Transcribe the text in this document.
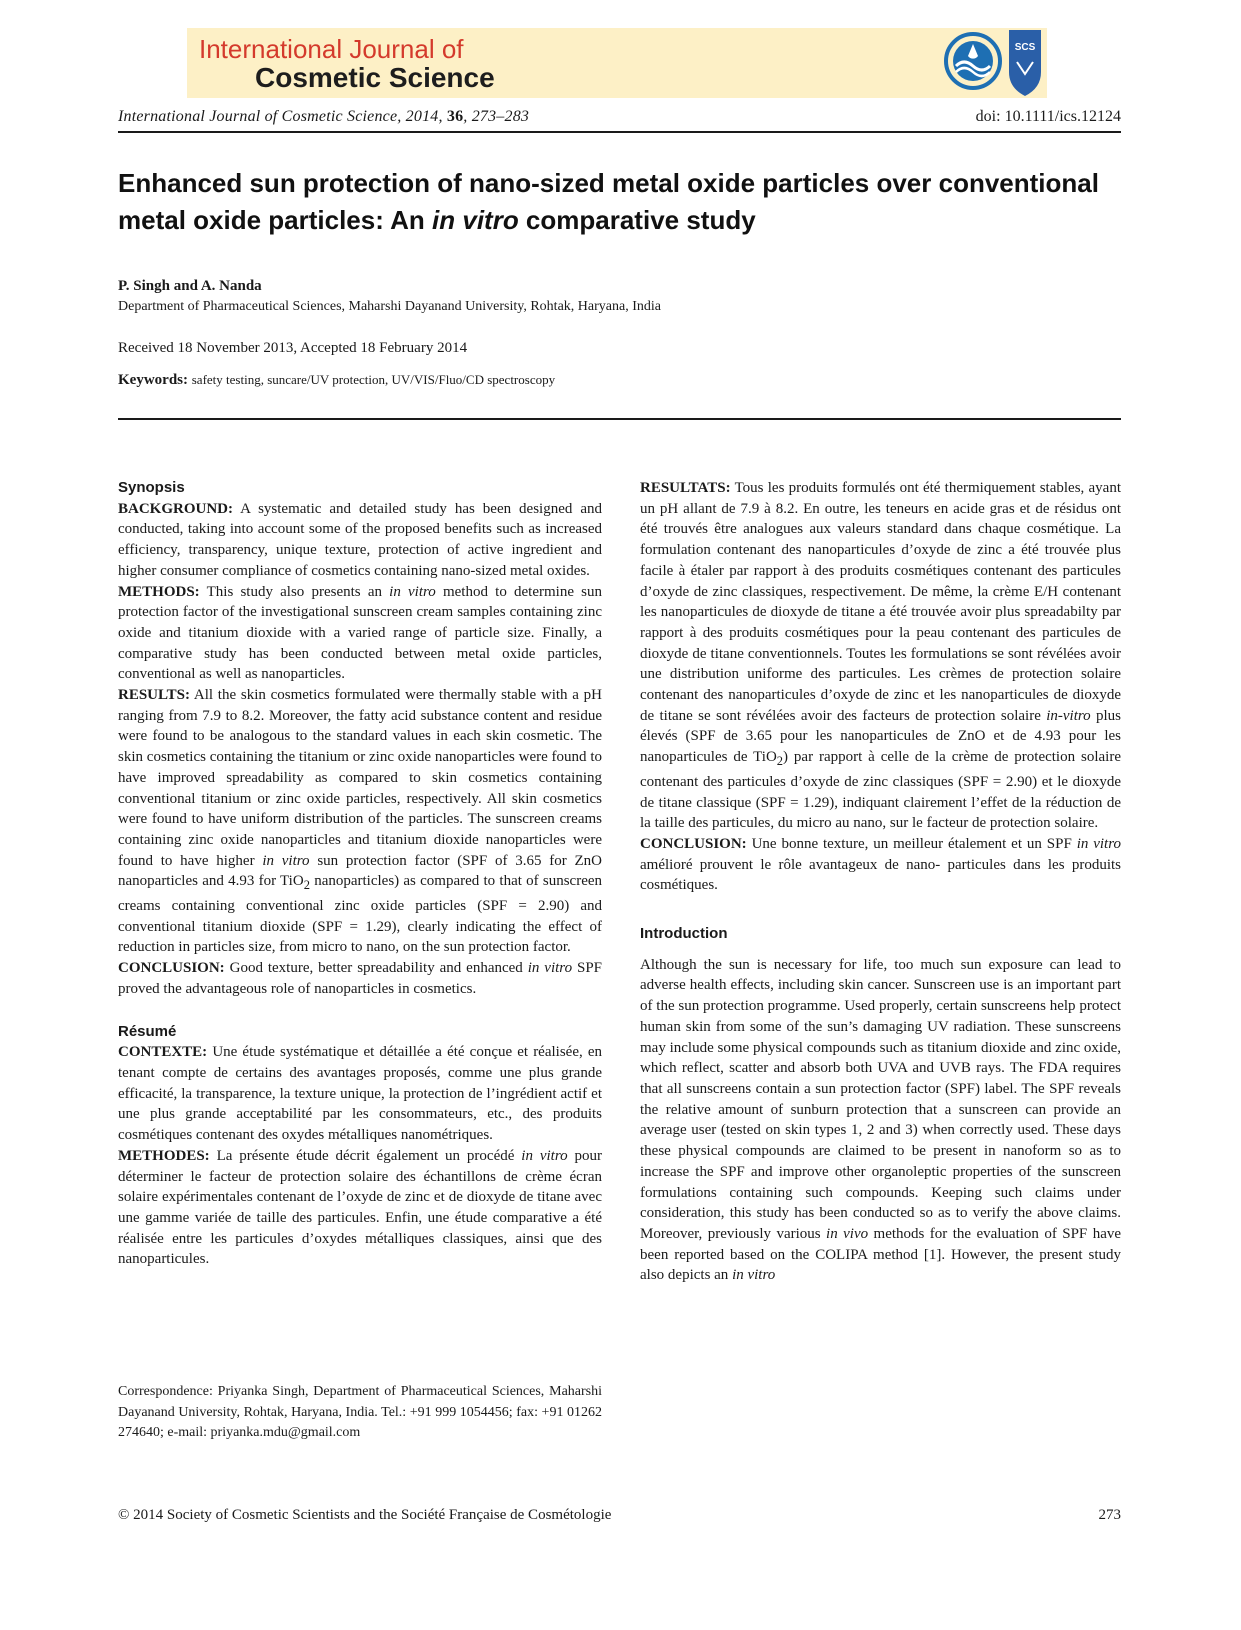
International Journal of
Cosmetic Science
SCS
International Journal of Cosmetic Science, 2014, 36, 273–283	doi: 10.1111/ics.12124
Enhanced sun protection of nano-sized metal oxide particles over conventional metal oxide particles: An in vitro comparative study
P. Singh and A. Nanda
Department of Pharmaceutical Sciences, Maharshi Dayanand University, Rohtak, Haryana, India
Received 18 November 2013, Accepted 18 February 2014
Keywords: safety testing, suncare/UV protection, UV/VIS/Fluo/CD spectroscopy

Synopsis

BACKGROUND: A systematic and detailed study has been designed and conducted, taking into account some of the proposed benefits such as increased efficiency, transparency, unique texture, protection of active ingredient and higher consumer compliance of cosmetics containing nano-sized metal oxides.

METHODS: This study also presents an in vitro method to determine sun protection factor of the investigational sunscreen cream samples containing zinc oxide and titanium dioxide with a varied range of particle size. Finally, a comparative study has been conducted between metal oxide particles, conventional as well as nanoparticles.

RESULTS: All the skin cosmetics formulated were thermally stable with a pH ranging from 7.9 to 8.2. Moreover, the fatty acid substance content and residue were found to be analogous to the standard values in each skin cosmetic. The skin cosmetics containing the titanium or zinc oxide nanoparticles were found to have improved spreadability as compared to skin cosmetics containing conventional titanium or zinc oxide particles, respectively. All skin cosmetics were found to have uniform distribution of the particles. The sunscreen creams containing zinc oxide nanoparticles and titanium dioxide nanoparticles were found to have higher in vitro sun protection factor (SPF of 3.65 for ZnO nanoparticles and 4.93 for TiO$_2$ nanoparticles) as compared to that of sunscreen creams containing conventional zinc oxide particles (SPF = 2.90) and conventional titanium dioxide (SPF = 1.29), clearly indicating the effect of reduction in particles size, from micro to nano, on the sun protection factor.

CONCLUSION: Good texture, better spreadability and enhanced in vitro SPF proved the advantageous role of nanoparticles in cosmetics.

Résumé

CONTEXTE: Une étude systématique et détaillée a été conçue et réalisée, en tenant compte de certains des avantages proposés, comme une plus grande efficacité, la transparence, la texture unique, la protection de l’ingrédient actif et une plus grande acceptabilité par les consommateurs, etc., des produits cosmétiques contenant des oxydes métalliques nanométriques.

METHODES: La présente étude décrit également un procédé in vitro pour déterminer le facteur de protection solaire des échantillons de crème écran solaire expérimentales contenant de l’oxyde de zinc et de dioxyde de titane avec une gamme variée de taille des particules. Enfin, une étude comparative a été réalisée entre les particules d’oxydes métalliques classiques, ainsi que des nanoparticules.

Correspondence: Priyanka Singh, Department of Pharmaceutical Sciences, Maharshi Dayanand University, Rohtak, Haryana, India. Tel.: +91 999 1054456; fax: +91 01262 274640; e-mail: priyanka.mdu@gmail.com

RESULTATS: Tous les produits formulés ont été thermiquement stables, ayant un pH allant de 7.9 à 8.2. En outre, les teneurs en acide gras et de résidus ont été trouvés être analogues aux valeurs standard dans chaque cosmétique. La formulation contenant des nanoparticules d’oxyde de zinc a été trouvée plus facile à étaler par rapport à des produits cosmétiques contenant des particules d’oxyde de zinc classiques, respectivement. De même, la crème E/H contenant les nanoparticules de dioxyde de titane a été trouvée avoir plus spreadabilty par rapport à des produits cosmétiques pour la peau contenant des particules de dioxyde de titane conventionnels. Toutes les formulations se sont révélées avoir une distribution uniforme des particules. Les crèmes de protection solaire contenant des nanoparticules d’oxyde de zinc et les nanoparticules de dioxyde de titane se sont révélées avoir des facteurs de protection solaire in-vitro plus élevés (SPF de 3.65 pour les nanoparticules de ZnO et de 4.93 pour les nanoparticules de TiO$_2$) par rapport à celle de la crème de protection solaire contenant des particules d’oxyde de zinc classiques (SPF = 2.90) et le dioxyde de titane classique (SPF = 1.29), indiquant clairement l’effet de la réduction de la taille des particules, du micro au nano, sur le facteur de protection solaire.

CONCLUSION: Une bonne texture, un meilleur étalement et un SPF in vitro amélioré prouvent le rôle avantageux de nano- particules dans les produits cosmétiques.

Introduction

Although the sun is necessary for life, too much sun exposure can lead to adverse health effects, including skin cancer. Sunscreen use is an important part of the sun protection programme. Used properly, certain sunscreens help protect human skin from some of the sun’s damaging UV radiation. These sunscreens may include some physical compounds such as titanium dioxide and zinc oxide, which reflect, scatter and absorb both UVA and UVB rays. The FDA requires that all sunscreens contain a sun protection factor (SPF) label. The SPF reveals the relative amount of sunburn protection that a sunscreen can provide an average user (tested on skin types 1, 2 and 3) when correctly used. These days these physical compounds are claimed to be present in nanoform so as to increase the SPF and improve other organoleptic properties of the sunscreen formulations containing such compounds. Keeping such claims under consideration, this study has been conducted so as to verify the above claims. Moreover, previously various in vivo methods for the evaluation of SPF have been reported based on the COLIPA method [1]. However, the present study also depicts an in vitro

© 2014 Society of Cosmetic Scientists and the Société Française de Cosmétologie	273
